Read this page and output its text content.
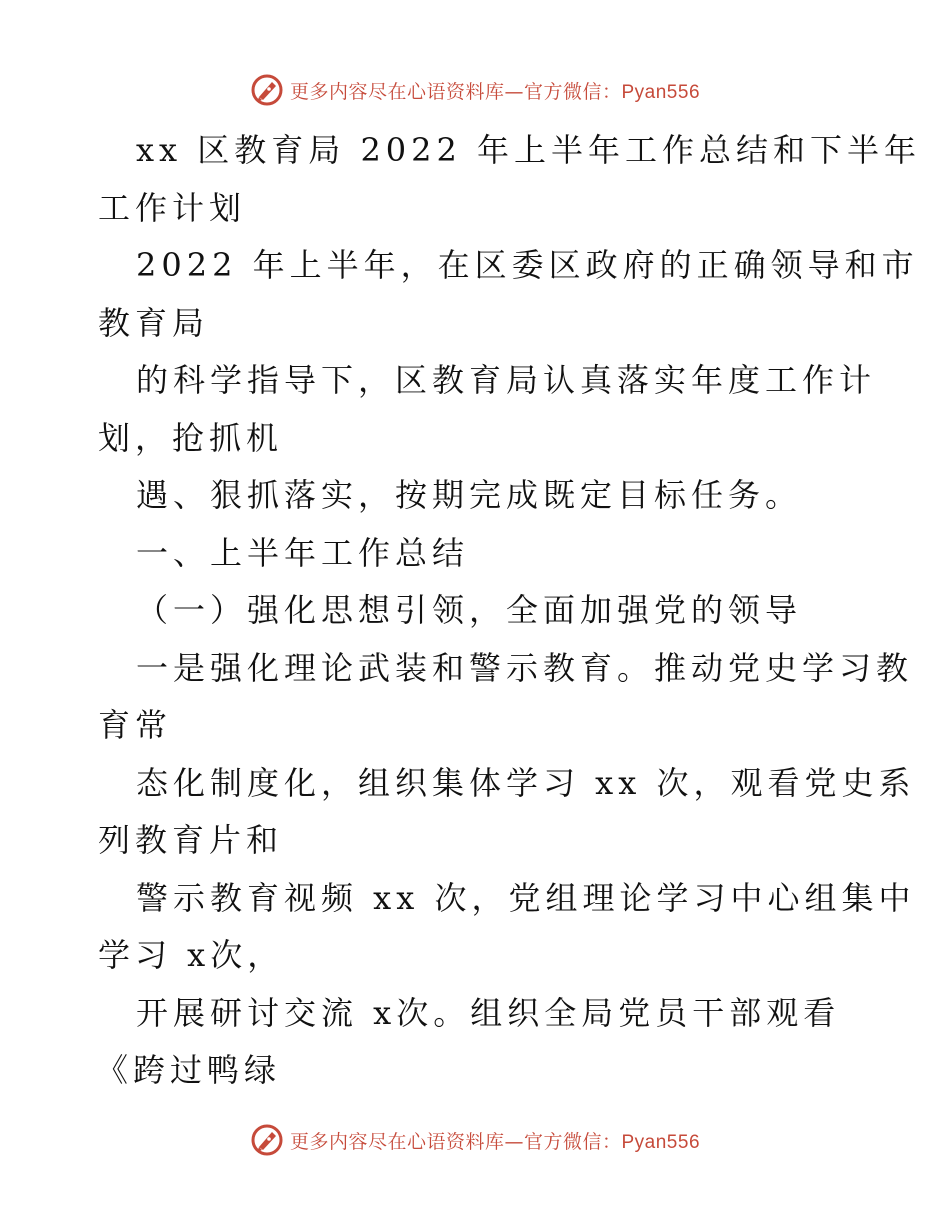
更多内容尽在心语资料库—官方微信：Pyan556
xx 区教育局 2022 年上半年工作总结和下半年
工作计划
2022 年上半年，在区委区政府的正确领导和市
教育局
的科学指导下，区教育局认真落实年度工作计
划，抢抓机
遇、狠抓落实，按期完成既定目标任务。
一、上半年工作总结
（一）强化思想引领，全面加强党的领导
一是强化理论武装和警示教育。推动党史学习教
育常
态化制度化，组织集体学习 xx 次，观看党史系
列教育片和
警示教育视频 xx 次，党组理论学习中心组集中
学习 x次，
开展研讨交流 x次。组织全局党员干部观看
《跨过鸭绿
更多内容尽在心语资料库—官方微信：Pyan556
